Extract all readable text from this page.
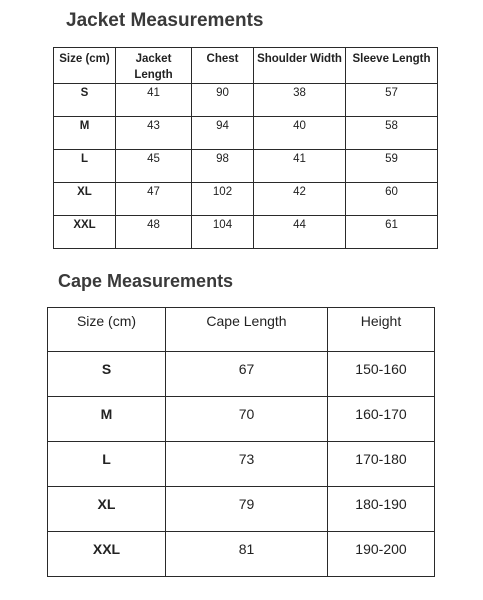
Jacket Measurements
Size (cm)	Jacket Length	Chest	Shoulder Width	Sleeve Length
S	41	90	38	57
M	43	94	40	58
L	45	98	41	59
XL	47	102	42	60
XXL	48	104	44	61
Cape Measurements
Size (cm)	Cape Length	Height
S	67	150-160
M	70	160-170
L	73	170-180
XL	79	180-190
XXL	81	190-200
